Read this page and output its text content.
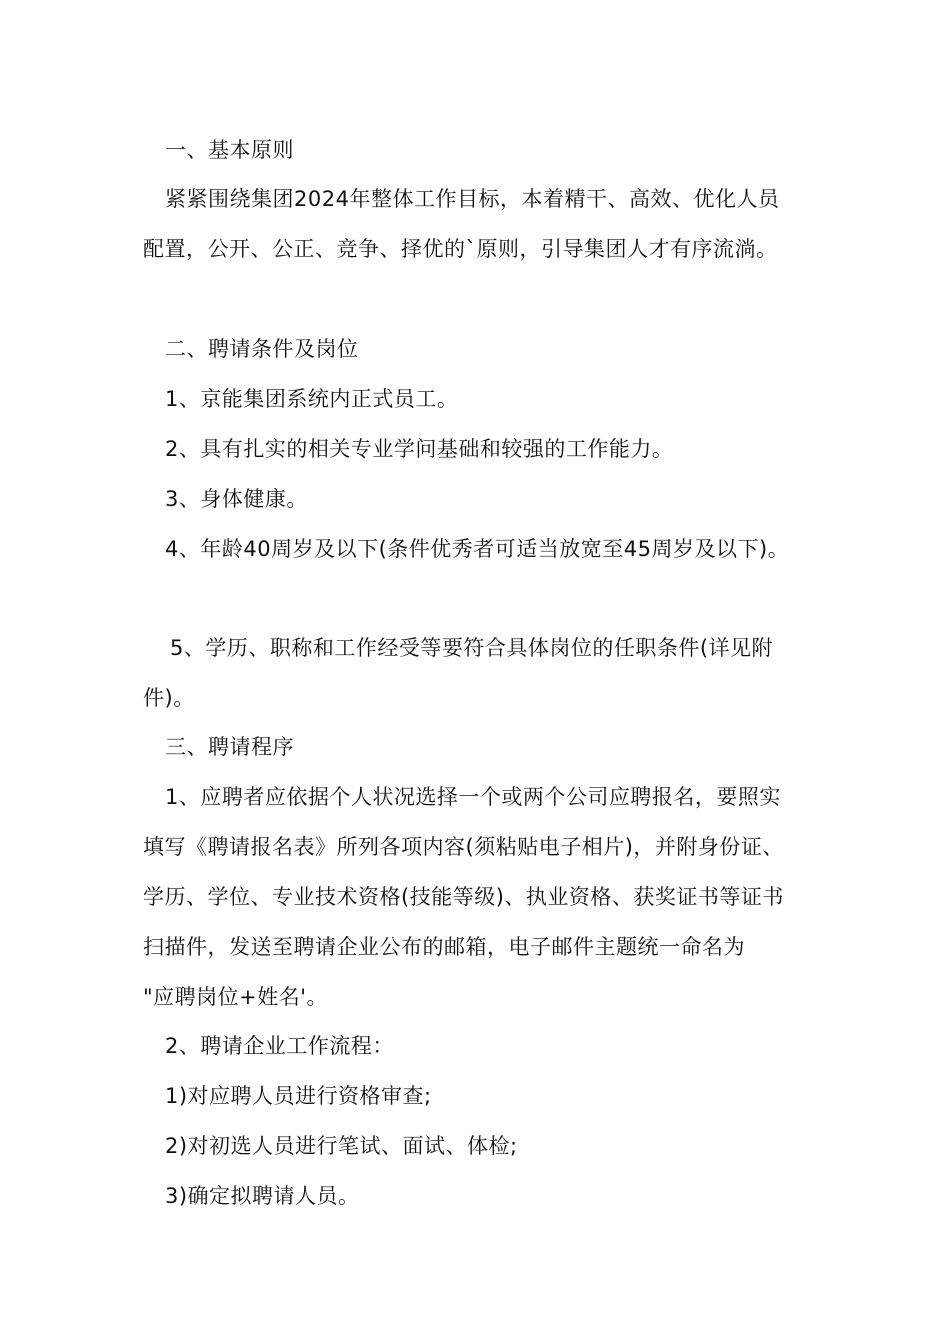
一、基本原则
紧紧围绕集团2024年整体工作目标，本着精干、高效、优化人员
配置，公开、公正、竞争、择优的`原则，引导集团人才有序流淌。
二、聘请条件及岗位
1、京能集团系统内正式员工。
2、具有扎实的相关专业学问基础和较强的工作能力。
3、身体健康。
4、年龄40周岁及以下(条件优秀者可适当放宽至45周岁及以下)。
5、学历、职称和工作经受等要符合具体岗位的任职条件(详见附
件)。
三、聘请程序
1、应聘者应依据个人状况选择一个或两个公司应聘报名，要照实
填写《聘请报名表》所列各项内容(须粘贴电子相片)，并附身份证、
学历、学位、专业技术资格(技能等级)、执业资格、获奖证书等证书
扫描件，发送至聘请企业公布的邮箱，电子邮件主题统一命名为
"应聘岗位+姓名'。
2、聘请企业工作流程：
1)对应聘人员进行资格审查;
2)对初选人员进行笔试、面试、体检;
3)确定拟聘请人员。
